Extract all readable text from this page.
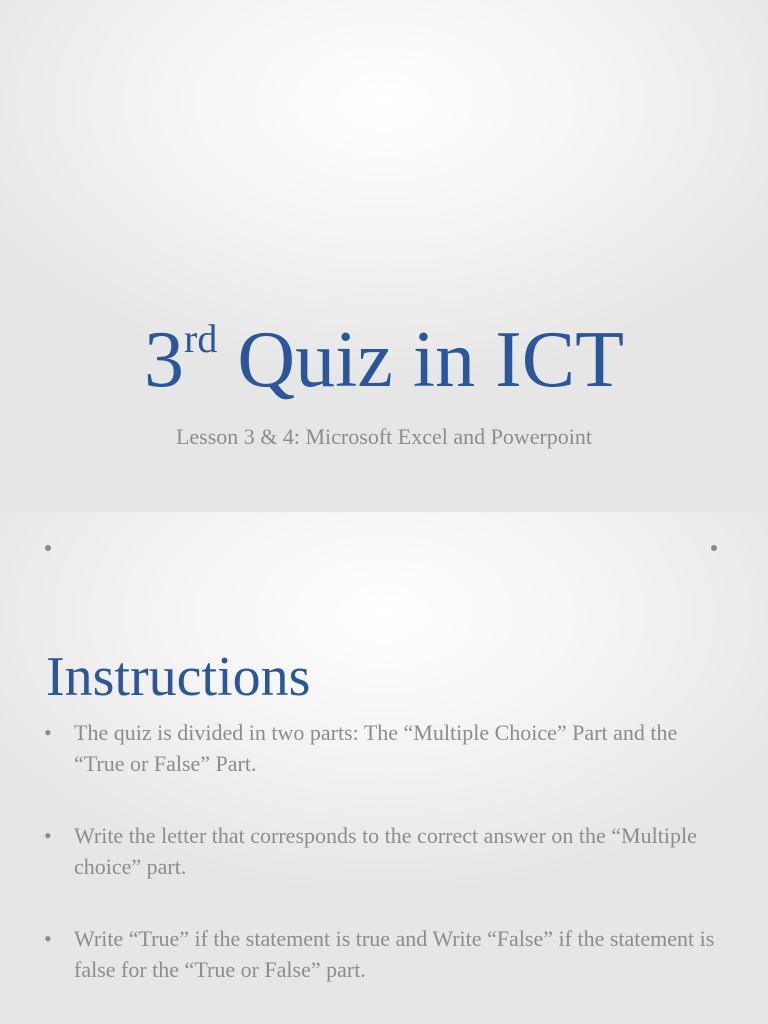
3rd Quiz in ICT

Lesson 3 & 4: Microsoft Excel and Powerpoint

Instructions
• The quiz is divided in two parts: The “Multiple Choice” Part and the “True or False” Part.
• Write the letter that corresponds to the correct answer on the “Multiple choice” part.
• Write “True” if the statement is true and Write “False” if the statement is false for the “True or False” part.
